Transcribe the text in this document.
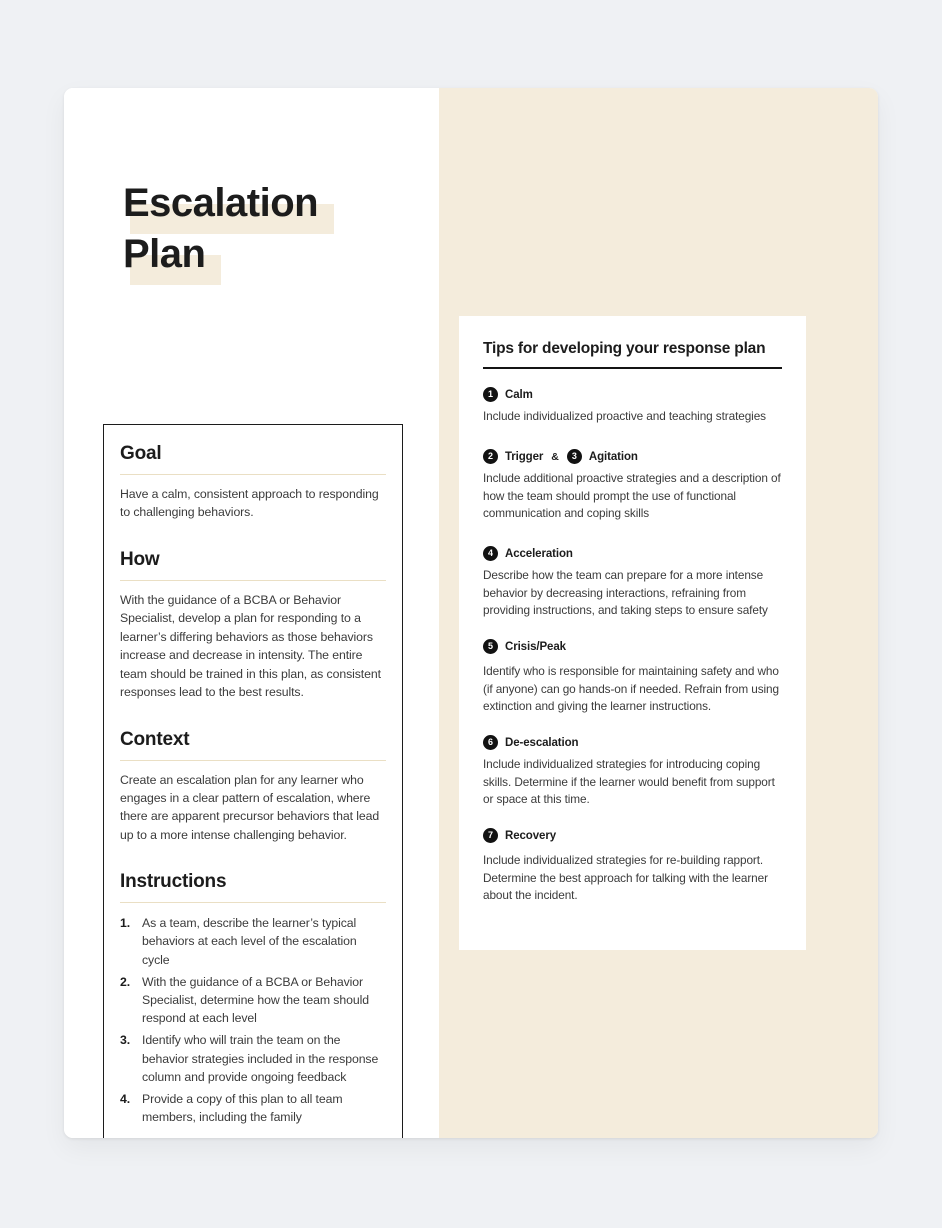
Escalation
Plan
Goal

Have a calm, consistent approach to responding to challenging behaviors.

How

With the guidance of a BCBA or Behavior Specialist, develop a plan for responding to a learner’s differing behaviors as those behaviors increase and decrease in intensity. The entire team should be trained in this plan, as consistent responses lead to the best results.

Context

Create an escalation plan for any learner who engages in a clear pattern of escalation, where there are apparent precursor behaviors that lead up to a more intense challenging behavior.

Instructions
1. As a team, describe the learner’s typical behaviors at each level of the escalation cycle
2. With the guidance of a BCBA or Behavior Specialist, determine how the team should respond at each level
3. Identify who will train the team on the behavior strategies included in the response column and provide ongoing feedback
4. Provide a copy of this plan to all team members, including the family
Tips for developing your response plan
1	Calm

Include individualized proactive and teaching strategies

2	Trigger &	3	Agitation

Include additional proactive strategies and a description of how the team should prompt the use of functional communication and coping skills

4	Acceleration

Describe how the team can prepare for a more intense behavior by decreasing interactions, refraining from providing instructions, and taking steps to ensure safety

5	Crisis/Peak

Identify who is responsible for maintaining safety and who (if anyone) can go hands-on if needed. Refrain from using extinction and giving the learner instructions.

6	De-escalation

Include individualized strategies for introducing coping skills. Determine if the learner would benefit from support or space at this time.

7	Recovery

Include individualized strategies for re-building rapport. Determine the best approach for talking with the learner about the incident.
